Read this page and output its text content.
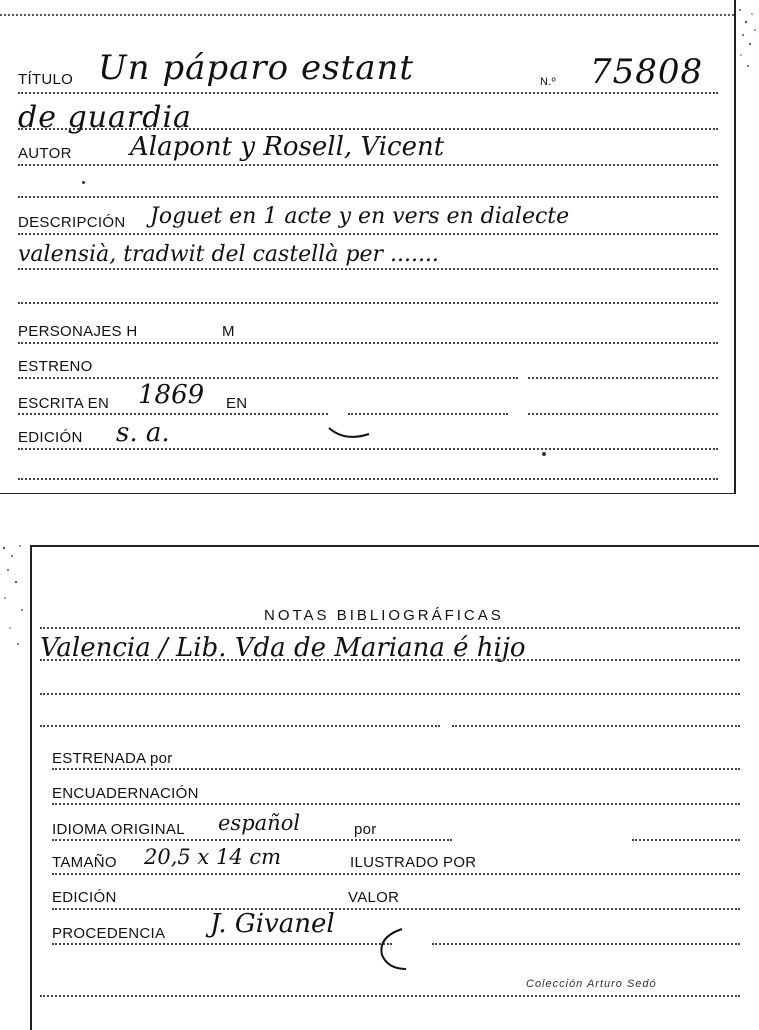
TÍTULO Un páparo estant	N.º 75808
de guardia
AUTOR Alapont y Rosell, Vicent
DESCRIPCIÓN Joguet en 1 acte y en vers en dialecte
valensià, tradwit del castellà per .......
PERSONAJES H	M
ESTRENO
ESCRITA EN 1869 EN
EDICIÓN s. a.
NOTAS BIBLIOGRÁFICAS
Valencia / Lib. Vda de Mariana é hijo
ESTRENADA por
ENCUADERNACIÓN
IDIOMA ORIGINAL español	por
TAMAÑO 20,5 x 14 cm	ILUSTRADO POR
EDICIÓN	VALOR
PROCEDENCIA J. Givanel
Colección Arturo Sedó
